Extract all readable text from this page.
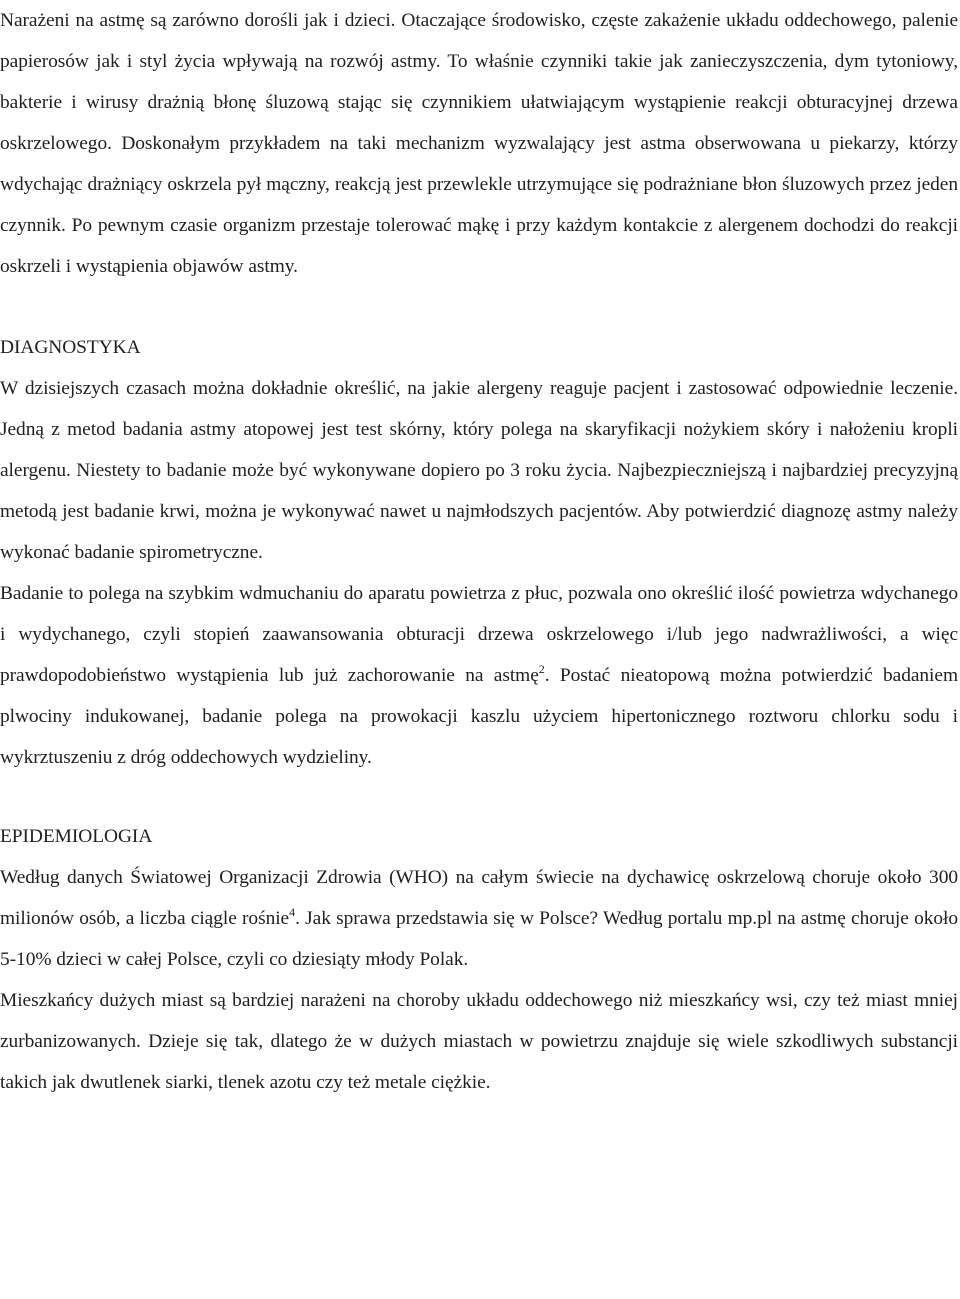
Narażeni na astmę są zarówno dorośli jak i dzieci. Otaczające środowisko, częste zakażenie układu oddechowego, palenie papierosów jak i styl życia wpływają na rozwój astmy. To właśnie czynniki takie jak zanieczyszczenia, dym tytoniowy, bakterie i wirusy drażnią błonę śluzową stając się czynnikiem ułatwiającym wystąpienie reakcji obturacyjnej drzewa oskrzelowego. Doskonałym przykładem na taki mechanizm wyzwalający jest astma obserwowana u piekarzy, którzy wdychając drażniący oskrzela pył mączny, reakcją jest przewlekle utrzymujące się podrażniane błon śluzowych przez jeden czynnik. Po pewnym czasie organizm przestaje tolerować mąkę i przy każdym kontakcie z alergenem dochodzi do reakcji oskrzeli i wystąpienia objawów astmy.

DIAGNOSTYKA

W dzisiejszych czasach można dokładnie określić, na jakie alergeny reaguje pacjent i zastosować odpowiednie leczenie. Jedną z metod badania astmy atopowej jest test skórny, który polega na skaryfikacji nożykiem skóry i nałożeniu kropli alergenu. Niestety to badanie może być wykonywane dopiero po 3 roku życia. Najbezpieczniejszą i najbardziej precyzyjną metodą jest badanie krwi, można je wykonywać nawet u najmłodszych pacjentów. Aby potwierdzić diagnozę astmy należy wykonać badanie spirometryczne.

Badanie to polega na szybkim wdmuchaniu do aparatu powietrza z płuc, pozwala ono określić ilość powietrza wdychanego i wydychanego, czyli stopień zaawansowania obturacji drzewa oskrzelowego i/lub jego nadwrażliwości, a więc prawdopodobieństwo wystąpienia lub już zachorowanie na astmę$^2$. Postać nieatopową można potwierdzić badaniem plwociny indukowanej, badanie polega na prowokacji kaszlu użyciem hipertonicznego roztworu chlorku sodu i wykrztuszeniu z dróg oddechowych wydzieliny.

EPIDEMIOLOGIA

Według danych Światowej Organizacji Zdrowia (WHO) na całym świecie na dychawicę oskrzelową choruje około 300 milionów osób, a liczba ciągle rośnie$^4$. Jak sprawa przedstawia się w Polsce? Według portalu mp.pl na astmę choruje około 5-10% dzieci w całej Polsce, czyli co dziesiąty młody Polak.

Mieszkańcy dużych miast są bardziej narażeni na choroby układu oddechowego niż mieszkańcy wsi, czy też miast mniej zurbanizowanych. Dzieje się tak, dlatego że w dużych miastach w powietrzu znajduje się wiele szkodliwych substancji takich jak dwutlenek siarki, tlenek azotu czy też metale ciężkie.
